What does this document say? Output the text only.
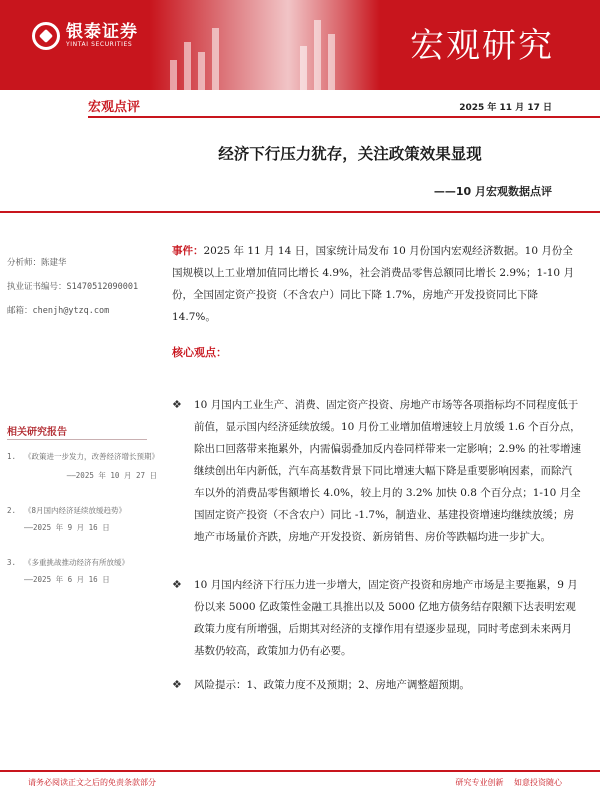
银泰证券
YINTAI SECURITIES	宏观研究
宏观点评	2025 年 11 月 17 日
经济下行压力犹存，关注政策效果显现
——10 月宏观数据点评
分析师：陈建华
执业证书编号：S1470512090001
邮箱：chenjh@ytzq.com
相关研究报告
1.	《政策进一步发力，改善经济增长预期》
——2025 年 10 月 27 日
2.	《8月国内经济延续放缓趋势》
——2025 年 9 月 16 日
3.	《多重挑战推动经济有所放缓》
——2025 年 6 月 16 日

事件：2025 年 11 月 14 日，国家统计局发布 10 月份国内宏观经济数据。10 月份全国规模以上工业增加值同比增长 4.9%，社会消费品零售总额同比增长 2.9%；1-10 月份，全国固定资产投资（不含农户）同比下降 1.7%，房地产开发投资同比下降 14.7%。

核心观点：
❖	10 月国内工业生产、消费、固定资产投资、房地产市场等各项指标均不同程度低于前值，显示国内经济延续放缓。10 月份工业增加值增速较上月放缓 1.6 个百分点，除出口回落带来拖累外，内需偏弱叠加反内卷同样带来一定影响；2.9% 的社零增速继续创出年内新低，汽车高基数背景下同比增速大幅下降是重要影响因素，而除汽车以外的消费品零售额增长 4.0%，较上月的 3.2% 加快 0.8 个百分点；1-10 月全国固定资产投资（不含农户）同比 -1.7%，制造业、基建投资增速均继续放缓；房地产市场量价齐跌，房地产开发投资、新房销售、房价等跌幅均进一步扩大。
❖	10 月国内经济下行压力进一步增大，固定资产投资和房地产市场是主要拖累，9 月份以来 5000 亿政策性金融工具推出以及 5000 亿地方债务结存限额下达表明宏观政策力度有所增强，后期其对经济的支撑作用有望逐步显现，同时考虑到未来两月基数仍较高，政策加力仍有必要。
❖	风险提示：1、政策力度不及预期；2、房地产调整超预期。
请务必阅读正文之后的免责条款部分	研究专业创新 如意投资随心
